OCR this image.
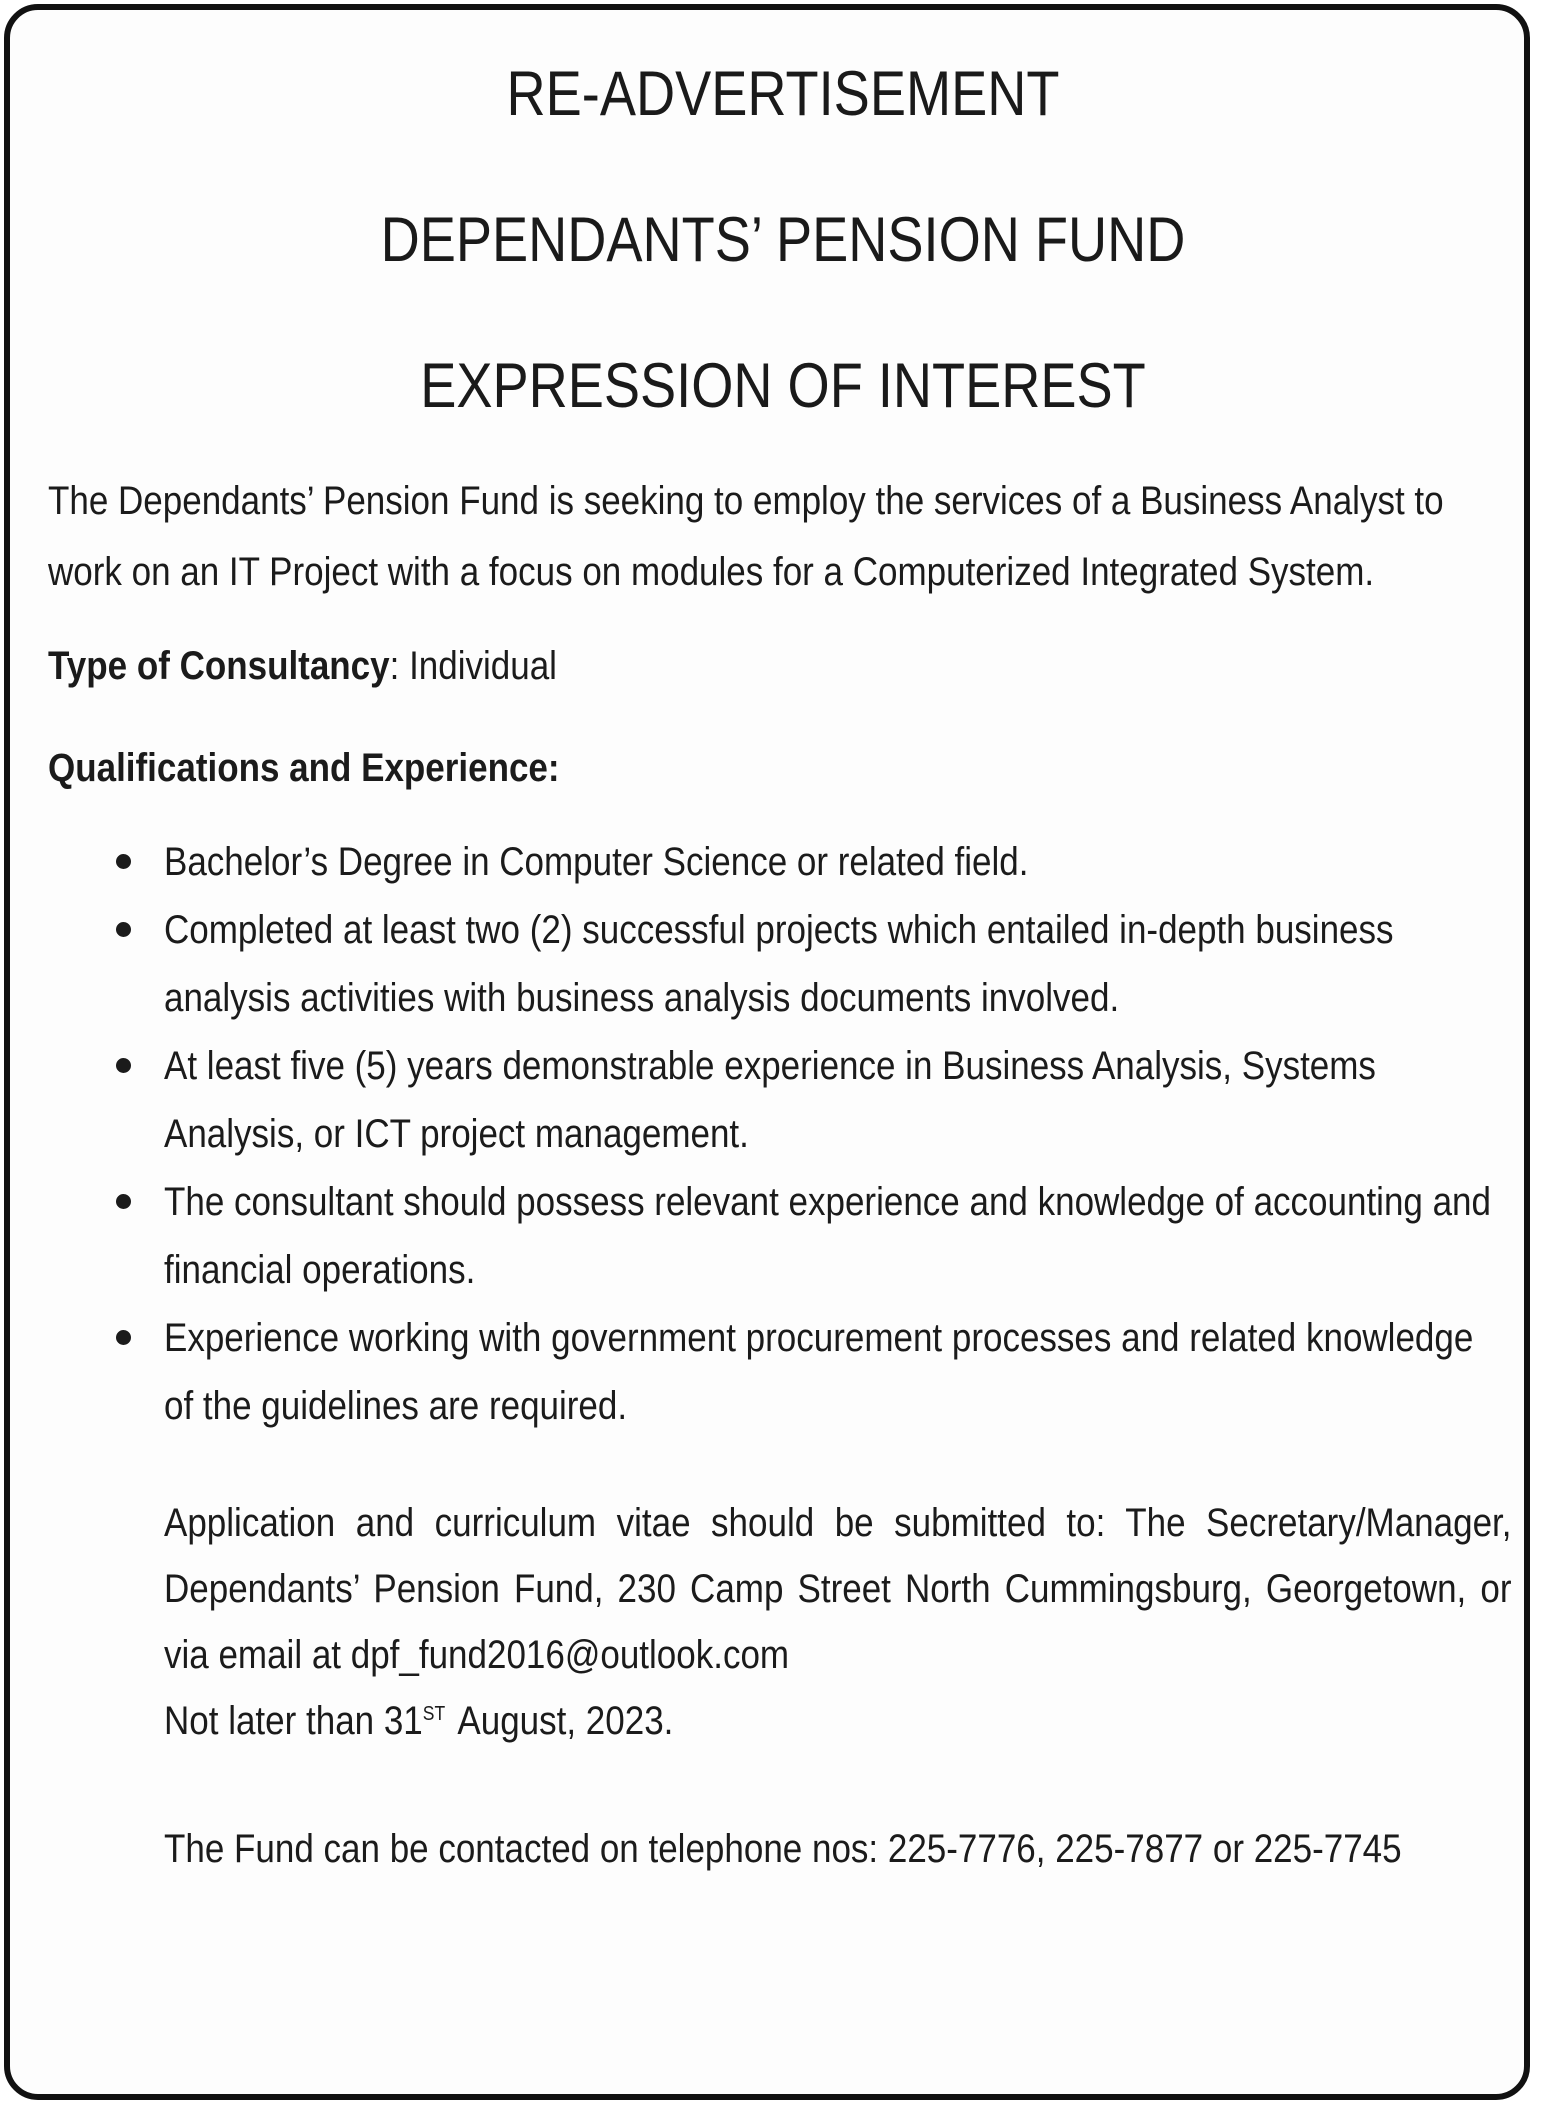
RE-ADVERTISEMENT
DEPENDANTS’ PENSION FUND
EXPRESSION OF INTEREST
The Dependants’ Pension Fund is seeking to employ the services of a Business Analyst to work on an IT Project with a focus on modules for a Computerized Integrated System.
Type of Consultancy: Individual
Qualifications and Experience:
Bachelor’s Degree in Computer Science or related field.
Completed at least two (2) successful projects which entailed in-depth business analysis activities with business analysis documents involved.
At least five (5) years demonstrable experience in Business Analysis, Systems Analysis, or ICT project management.
The consultant should possess relevant experience and knowledge of accounting and financial operations.
Experience working with government procurement processes and related knowledge of the guidelines are required.
Application and curriculum vitae should be submitted to: The Secretary/Manager, Dependants’ Pension Fund, 230 Camp Street North Cummingsburg, Georgetown, or via email at dpf_fund2016@outlook.com
Not later than 31ST August, 2023.
The Fund can be contacted on telephone nos: 225-7776, 225-7877 or 225-7745
